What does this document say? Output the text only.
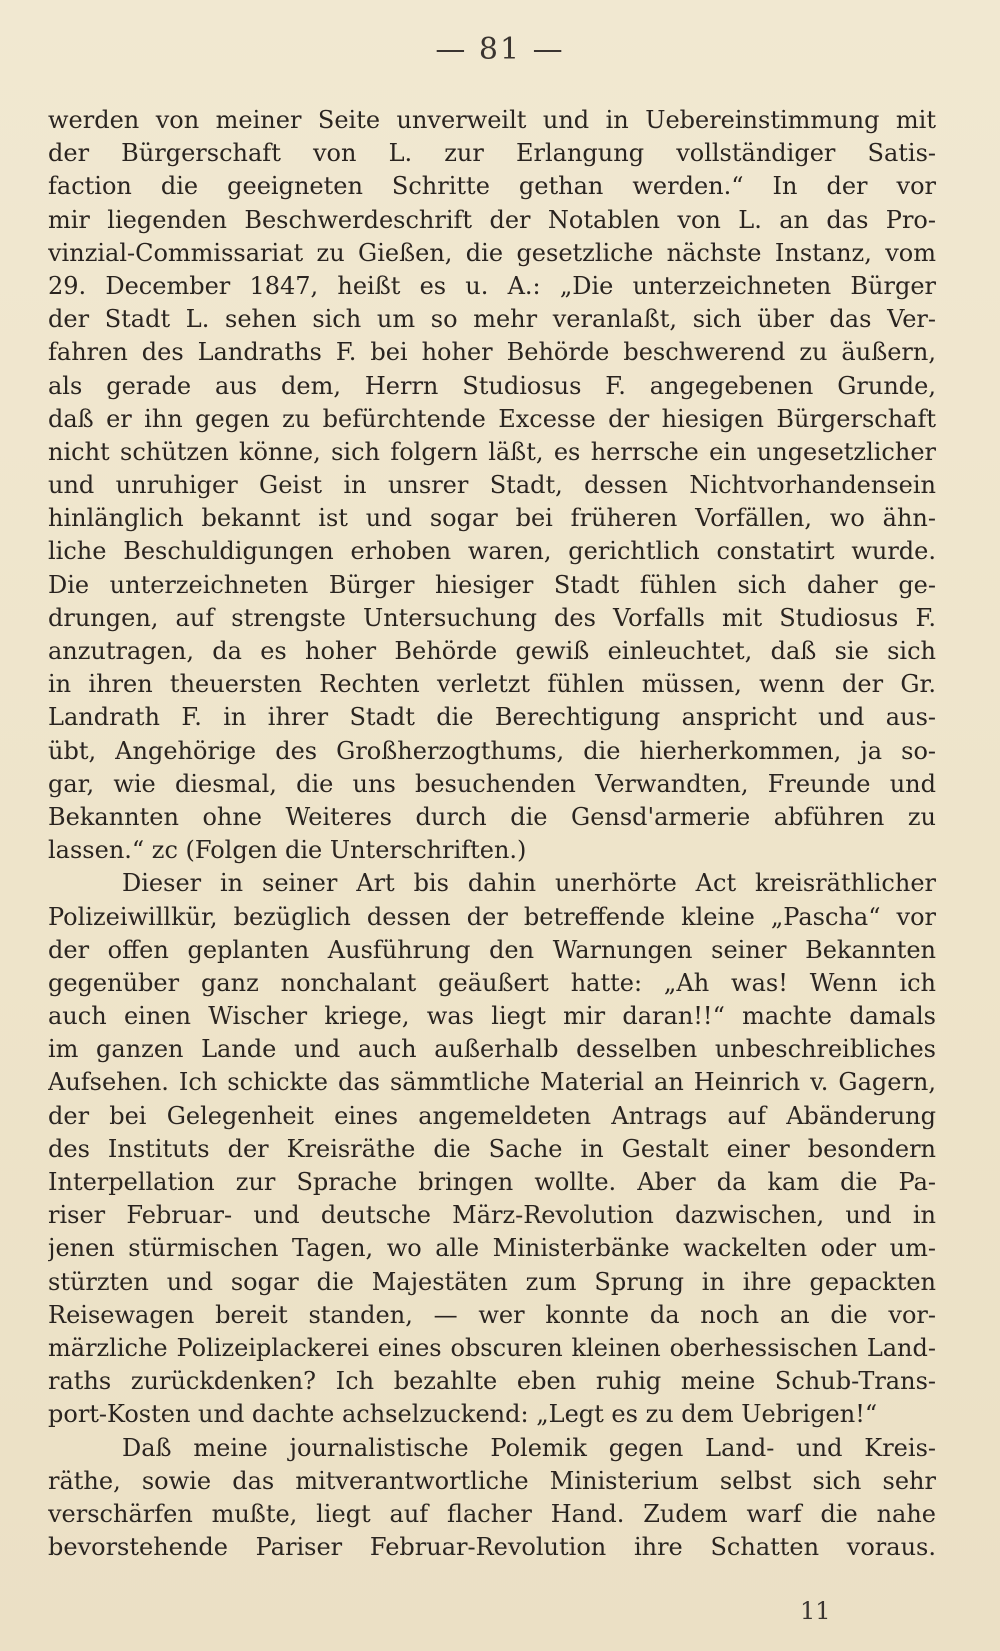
— 81 —
werden von meiner Seite unverweilt und in Uebereinstimmung mit
der Bürgerschaft von L. zur Erlangung vollständiger Satis-
faction die geeigneten Schritte gethan werden.“ In der vor
mir liegenden Beschwerdeschrift der Notablen von L. an das Pro-
vinzial-Commissariat zu Gießen, die gesetzliche nächste Instanz, vom
29. December 1847, heißt es u. A.: „Die unterzeichneten Bürger
der Stadt L. sehen sich um so mehr veranlaßt, sich über das Ver-
fahren des Landraths F. bei hoher Behörde beschwerend zu äußern,
als gerade aus dem, Herrn Studiosus F. angegebenen Grunde,
daß er ihn gegen zu befürchtende Excesse der hiesigen Bürgerschaft
nicht schützen könne, sich folgern läßt, es herrsche ein ungesetzlicher
und unruhiger Geist in unsrer Stadt, dessen Nichtvorhandensein
hinlänglich bekannt ist und sogar bei früheren Vorfällen, wo ähn-
liche Beschuldigungen erhoben waren, gerichtlich constatirt wurde.
Die unterzeichneten Bürger hiesiger Stadt fühlen sich daher ge-
drungen, auf strengste Untersuchung des Vorfalls mit Studiosus F.
anzutragen, da es hoher Behörde gewiß einleuchtet, daß sie sich
in ihren theuersten Rechten verletzt fühlen müssen, wenn der Gr.
Landrath F. in ihrer Stadt die Berechtigung anspricht und aus-
übt, Angehörige des Großherzogthums, die hierherkommen, ja so-
gar, wie diesmal, die uns besuchenden Verwandten, Freunde und
Bekannten ohne Weiteres durch die Gensd'armerie abführen zu
lassen.“ zc (Folgen die Unterschriften.)
Dieser in seiner Art bis dahin unerhörte Act kreisräthlicher
Polizeiwillkür, bezüglich dessen der betreffende kleine „Pascha“ vor
der offen geplanten Ausführung den Warnungen seiner Bekannten
gegenüber ganz nonchalant geäußert hatte: „Ah was! Wenn ich
auch einen Wischer kriege, was liegt mir daran!!“ machte damals
im ganzen Lande und auch außerhalb desselben unbeschreibliches
Aufsehen. Ich schickte das sämmtliche Material an Heinrich v. Gagern,
der bei Gelegenheit eines angemeldeten Antrags auf Abänderung
des Instituts der Kreisräthe die Sache in Gestalt einer besondern
Interpellation zur Sprache bringen wollte. Aber da kam die Pa-
riser Februar- und deutsche März-Revolution dazwischen, und in
jenen stürmischen Tagen, wo alle Ministerbänke wackelten oder um-
stürzten und sogar die Majestäten zum Sprung in ihre gepackten
Reisewagen bereit standen, — wer konnte da noch an die vor-
märzliche Polizeiplackerei eines obscuren kleinen oberhessischen Land-
raths zurückdenken? Ich bezahlte eben ruhig meine Schub-Trans-
port-Kosten und dachte achselzuckend: „Legt es zu dem Uebrigen!“
Daß meine journalistische Polemik gegen Land- und Kreis-
räthe, sowie das mitverantwortliche Ministerium selbst sich sehr
verschärfen mußte, liegt auf flacher Hand. Zudem warf die nahe
bevorstehende Pariser Februar-Revolution ihre Schatten voraus.
11
